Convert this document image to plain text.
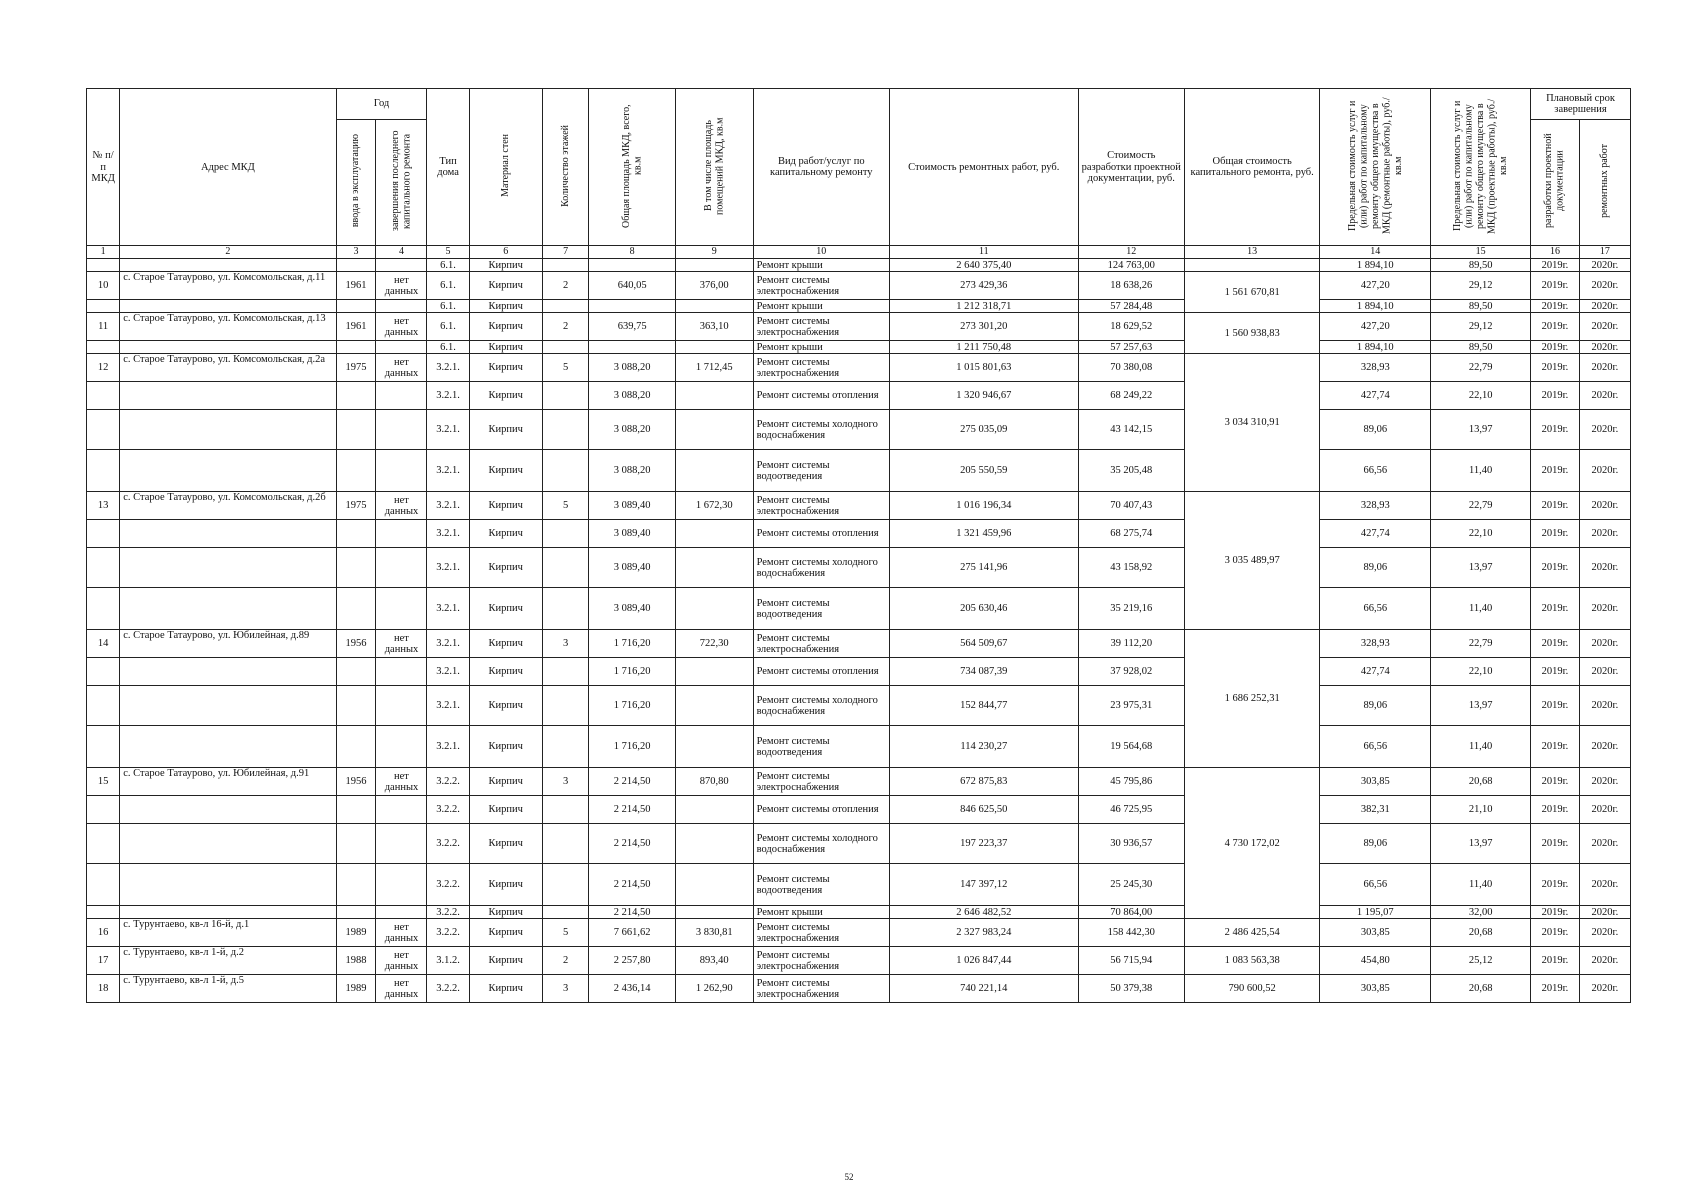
№ п/п МКД	Адрес МКД	Год		Тип дома	Материал стен	Количество этажей	Общая площадь МКД, всего, кв.м	В том числе площадь помещений МКД, кв.м	Вид работ/услуг по капитальному ремонту	Стоимость ремонтных работ, руб.	Стоимость разработки проектной документации, руб.	Общая стоимость капитального ремонта, руб.	Предельная стоимость услуг и (или) работ по капитальному ремонту общего имущества в МКД (ремонтные работы), руб./кв.м	Предельная стоимость услуг и (или) работ по капитальному ремонту общего имущества в МКД (проектные работы), руб./кв.м	Плановый срок завершения	
		ввода в эксплуатацию	завершения последнего капитального ремонта												разработки проектной документации	ремонтных работ
1	2	3	4	5	6	7	8	9	10	11	12	13	14	15	16	17
				6.1.	Кирпич				Ремонт крыши	2 640 375,40	124 763,00		1 894,10	89,50	2019г.	2020г.
10	с. Старое Татаурово, ул. Комсомольская, д.11	1961	нет данных	6.1.	Кирпич	2	640,05	376,00	Ремонт системы электроснабжения	273 429,36	18 638,26	1 561 670,81	427,20	29,12	2019г.	2020г.
				6.1.	Кирпич				Ремонт крыши	1 212 318,71	57 284,48		1 894,10	89,50	2019г.	2020г.
11	с. Старое Татаурово, ул. Комсомольская, д.13	1961	нет данных	6.1.	Кирпич	2	639,75	363,10	Ремонт системы электроснабжения	273 301,20	18 629,52	1 560 938,83	427,20	29,12	2019г.	2020г.
				6.1.	Кирпич				Ремонт крыши	1 211 750,48	57 257,63		1 894,10	89,50	2019г.	2020г.
12	с. Старое Татаурово, ул. Комсомольская, д.2а	1975	нет данных	3.2.1.	Кирпич	5	3 088,20	1 712,45	Ремонт системы электроснабжения	1 015 801,63	70 380,08	3 034 310,91	328,93	22,79	2019г.	2020г.
				3.2.1.	Кирпич		3 088,20		Ремонт системы отопления	1 320 946,67	68 249,22		427,74	22,10	2019г.	2020г.
				3.2.1.	Кирпич		3 088,20		Ремонт системы холодного водоснабжения	275 035,09	43 142,15		89,06	13,97	2019г.	2020г.
				3.2.1.	Кирпич		3 088,20		Ремонт системы водоотведения	205 550,59	35 205,48		66,56	11,40	2019г.	2020г.
13	с. Старое Татаурово, ул. Комсомольская, д.2б	1975	нет данных	3.2.1.	Кирпич	5	3 089,40	1 672,30	Ремонт системы электроснабжения	1 016 196,34	70 407,43	3 035 489,97	328,93	22,79	2019г.	2020г.
				3.2.1.	Кирпич		3 089,40		Ремонт системы отопления	1 321 459,96	68 275,74		427,74	22,10	2019г.	2020г.
				3.2.1.	Кирпич		3 089,40		Ремонт системы холодного водоснабжения	275 141,96	43 158,92		89,06	13,97	2019г.	2020г.
				3.2.1.	Кирпич		3 089,40		Ремонт системы водоотведения	205 630,46	35 219,16		66,56	11,40	2019г.	2020г.
14	с. Старое Татаурово, ул. Юбилейная, д.89	1956	нет данных	3.2.1.	Кирпич	3	1 716,20	722,30	Ремонт системы электроснабжения	564 509,67	39 112,20	1 686 252,31	328,93	22,79	2019г.	2020г.
				3.2.1.	Кирпич		1 716,20		Ремонт системы отопления	734 087,39	37 928,02		427,74	22,10	2019г.	2020г.
				3.2.1.	Кирпич		1 716,20		Ремонт системы холодного водоснабжения	152 844,77	23 975,31		89,06	13,97	2019г.	2020г.
				3.2.1.	Кирпич		1 716,20		Ремонт системы водоотведения	114 230,27	19 564,68		66,56	11,40	2019г.	2020г.
15	с. Старое Татаурово, ул. Юбилейная, д.91	1956	нет данных	3.2.2.	Кирпич	3	2 214,50	870,80	Ремонт системы электроснабжения	672 875,83	45 795,86	4 730 172,02	303,85	20,68	2019г.	2020г.
				3.2.2.	Кирпич		2 214,50		Ремонт системы отопления	846 625,50	46 725,95		382,31	21,10	2019г.	2020г.
				3.2.2.	Кирпич		2 214,50		Ремонт системы холодного водоснабжения	197 223,37	30 936,57		89,06	13,97	2019г.	2020г.
				3.2.2.	Кирпич		2 214,50		Ремонт системы водоотведения	147 397,12	25 245,30		66,56	11,40	2019г.	2020г.
				3.2.2.	Кирпич		2 214,50		Ремонт крыши	2 646 482,52	70 864,00		1 195,07	32,00	2019г.	2020г.
16	с. Турунтаево, кв-л 16-й, д.1	1989	нет данных	3.2.2.	Кирпич	5	7 661,62	3 830,81	Ремонт системы электроснабжения	2 327 983,24	158 442,30	2 486 425,54	303,85	20,68	2019г.	2020г.
17	с. Турунтаево, кв-л 1-й, д.2	1988	нет данных	3.1.2.	Кирпич	2	2 257,80	893,40	Ремонт системы электроснабжения	1 026 847,44	56 715,94	1 083 563,38	454,80	25,12	2019г.	2020г.
18	с. Турунтаево, кв-л 1-й, д.5	1989	нет данных	3.2.2.	Кирпич	3	2 436,14	1 262,90	Ремонт системы электроснабжения	740 221,14	50 379,38	790 600,52	303,85	20,68	2019г.	2020г.
52
